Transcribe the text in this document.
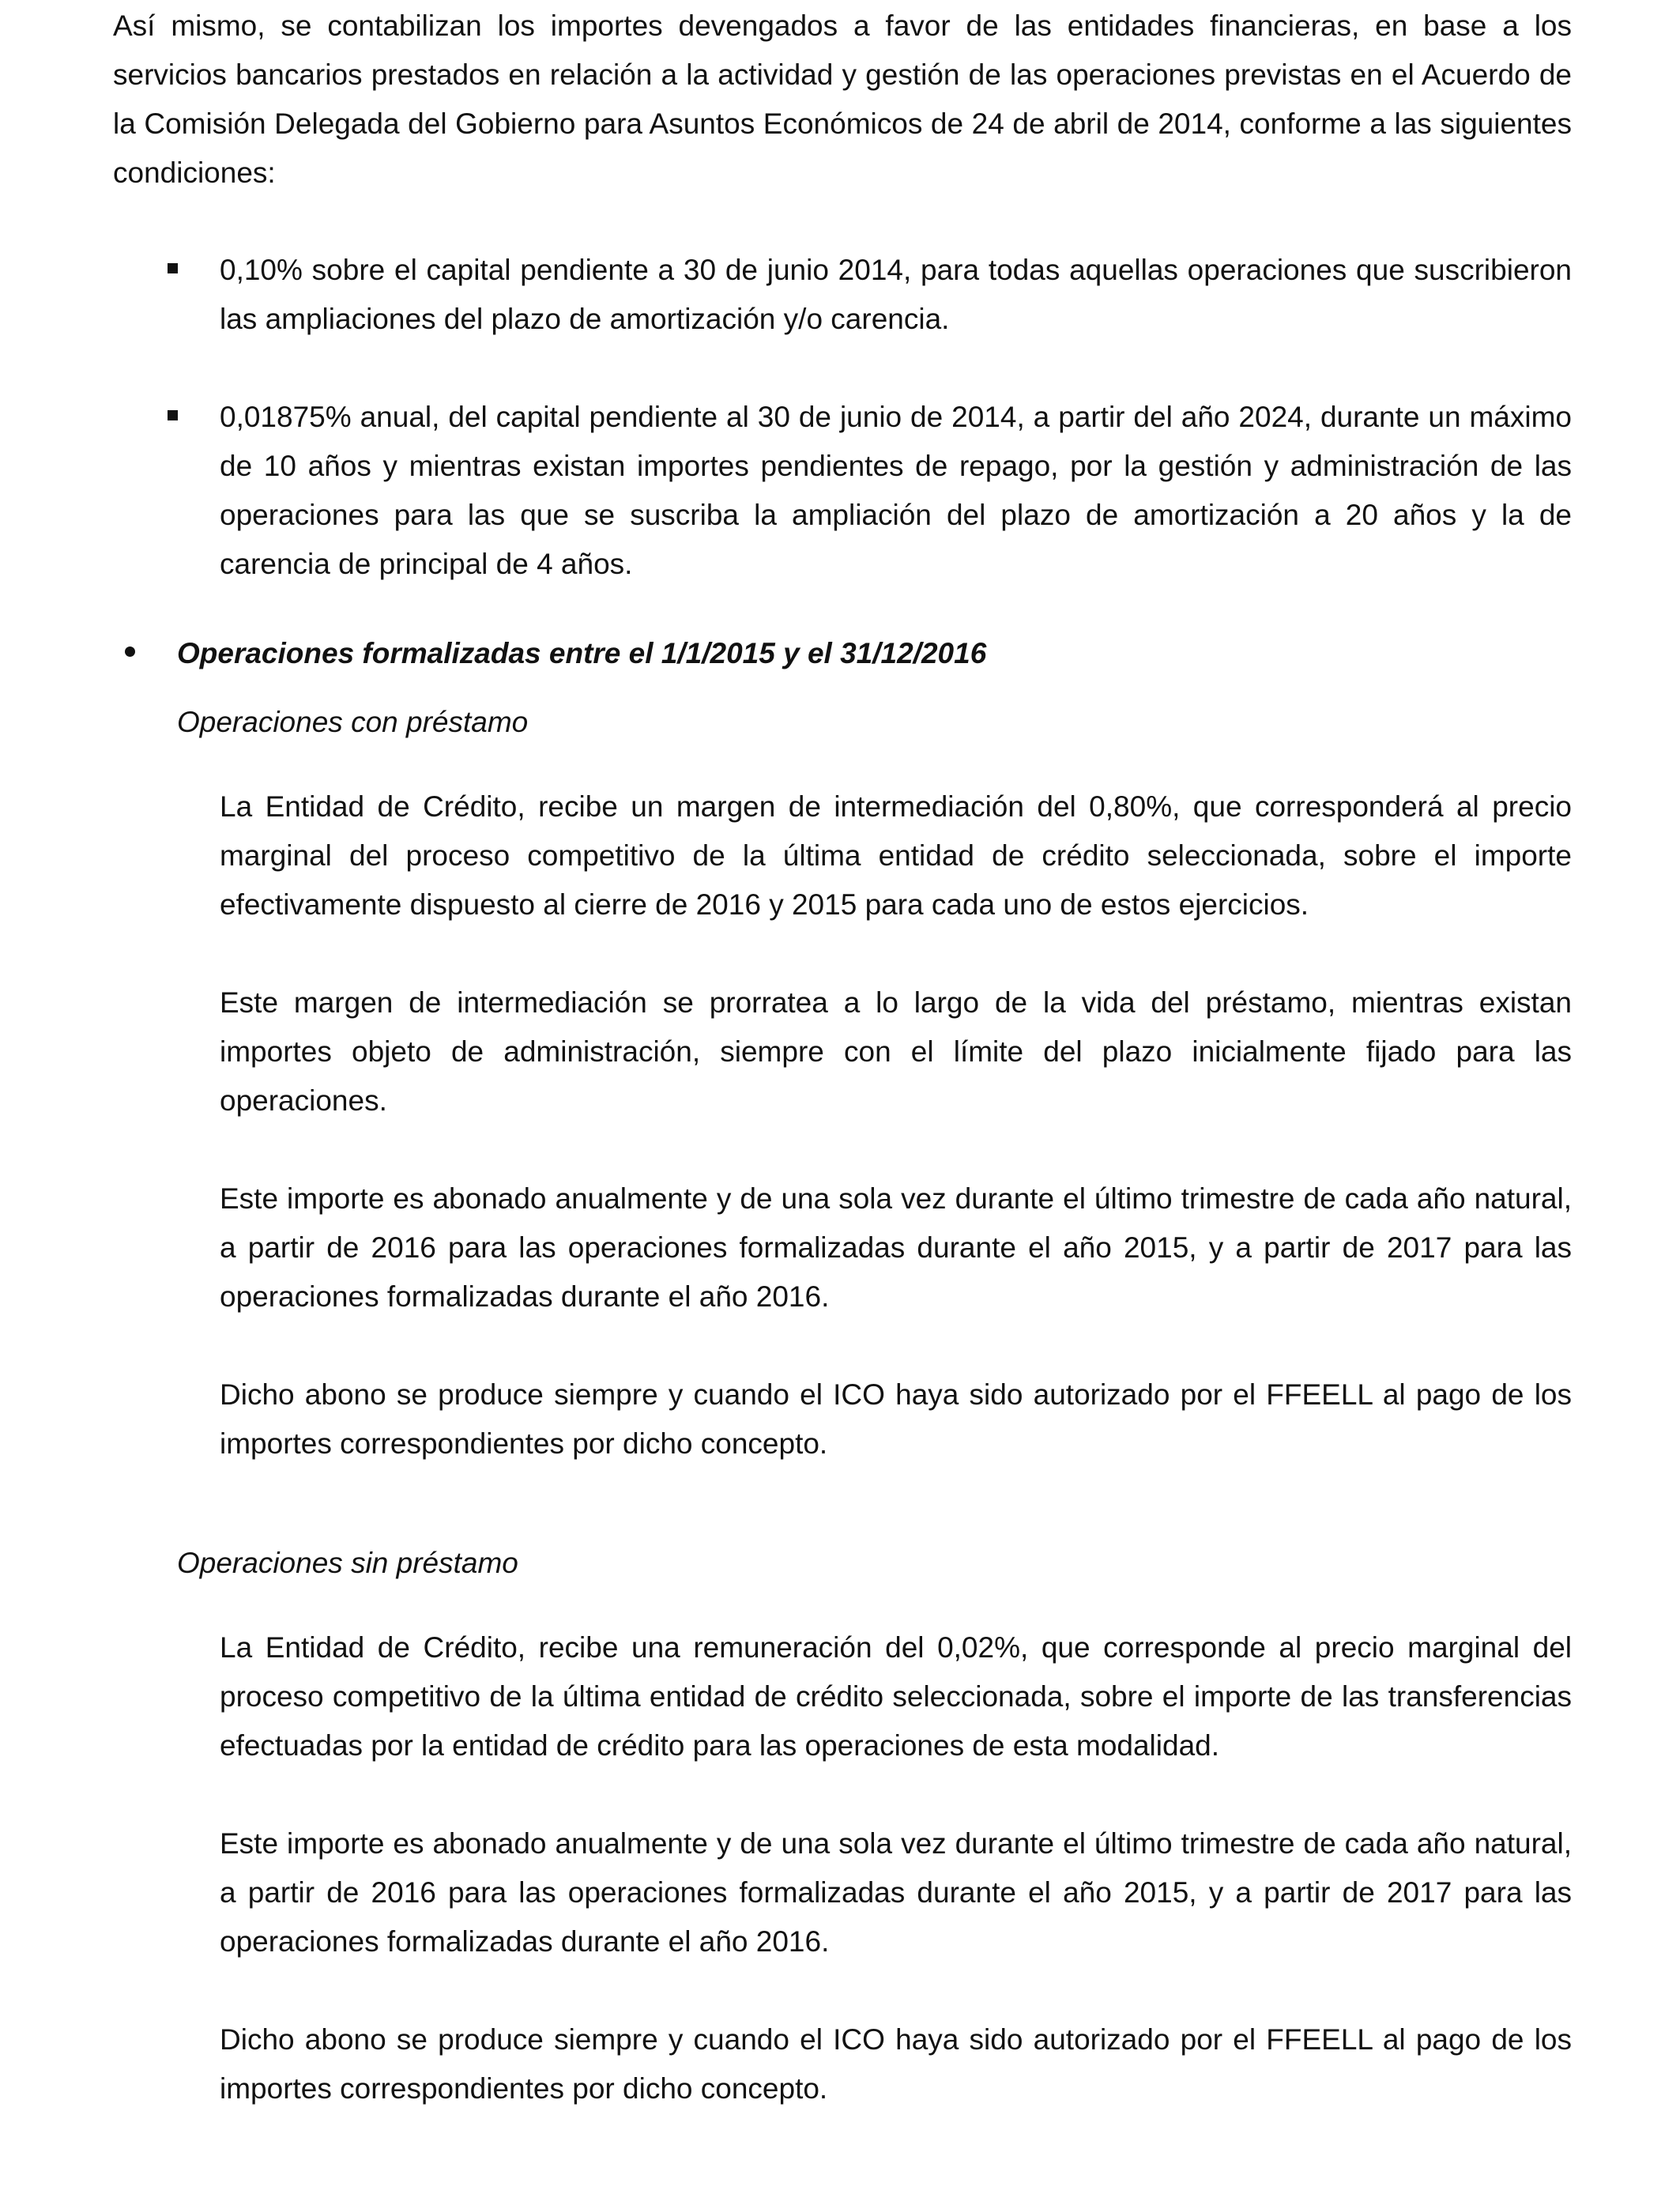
Así mismo, se contabilizan los importes devengados a favor de las entidades financieras, en base a los servicios bancarios prestados en relación a la actividad y gestión de las operaciones previstas en el Acuerdo de la Comisión Delegada del Gobierno para Asuntos Económicos de 24 de abril de 2014, conforme a las siguientes condiciones:

0,10% sobre el capital pendiente a 30 de junio 2014, para todas aquellas operaciones que suscribieron las ampliaciones del plazo de amortización y/o carencia.

0,01875% anual, del capital pendiente al 30 de junio de 2014, a partir del año 2024, durante un máximo de 10 años y mientras existan importes pendientes de repago, por la gestión y administración de las operaciones para las que se suscriba la ampliación del plazo de amortización a 20 años y la de carencia de principal de 4 años.

Operaciones formalizadas entre el 1/1/2015 y el 31/12/2016

Operaciones con préstamo

La Entidad de Crédito, recibe un margen de intermediación del 0,80%, que corresponderá al precio marginal del proceso competitivo de la última entidad de crédito seleccionada, sobre el importe efectivamente dispuesto al cierre de 2016 y 2015 para cada uno de estos ejercicios.

Este margen de intermediación se prorratea a lo largo de la vida del préstamo, mientras existan importes objeto de administración, siempre con el límite del plazo inicialmente fijado para las operaciones.

Este importe es abonado anualmente y de una sola vez durante el último trimestre de cada año natural, a partir de 2016 para las operaciones formalizadas durante el año 2015, y a partir de 2017 para las operaciones formalizadas durante el año 2016.

Dicho abono se produce siempre y cuando el ICO haya sido autorizado por el FFEELL al pago de los importes correspondientes por dicho concepto.

Operaciones sin préstamo

La Entidad de Crédito, recibe una remuneración del 0,02%, que corresponde al precio marginal del proceso competitivo de la última entidad de crédito seleccionada, sobre el importe de las transferencias efectuadas por la entidad de crédito para las operaciones de esta modalidad.

Este importe es abonado anualmente y de una sola vez durante el último trimestre de cada año natural, a partir de 2016 para las operaciones formalizadas durante el año 2015, y a partir de 2017 para las operaciones formalizadas durante el año 2016.

Dicho abono se produce siempre y cuando el ICO haya sido autorizado por el FFEELL al pago de los importes correspondientes por dicho concepto.
